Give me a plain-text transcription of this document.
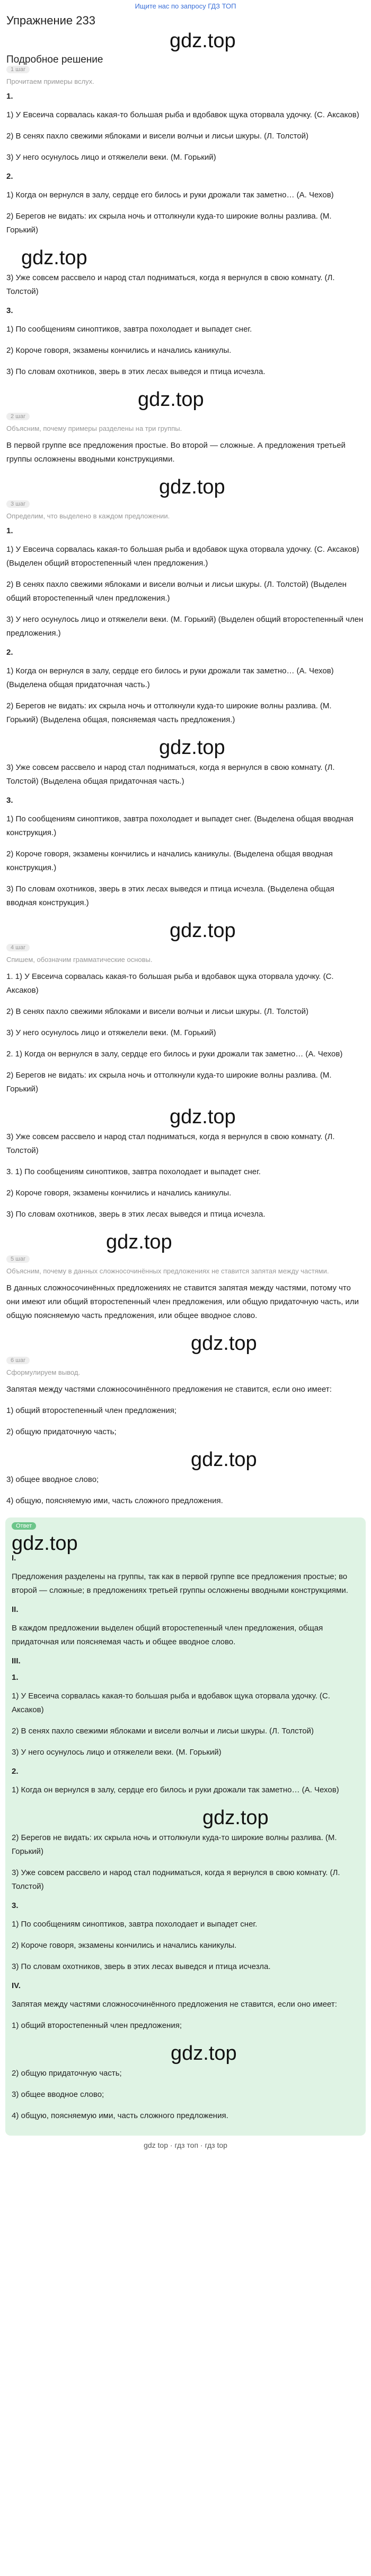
Ищите нас по запросу ГДЗ ТОП
Упражнение 233
gdz.top
Подробное решение
1 шаг
Прочитаем примеры вслух.
1.
1) У Евсеича сорвалась какая-то большая рыба и вдобавок щука оторвала удочку. (С. Аксаков)
2) В сенях пахло свежими яблоками и висели волчьи и лисьи шкуры. (Л. Толстой)
3) У него осунулось лицо и отяжелели веки. (М. Горький)
2.
1) Когда он вернулся в залу, сердце его билось и руки дрожали так заметно… (А. Чехов)
2) Берегов не видать: их скрыла ночь и оттолкнули куда-то широкие волны разлива. (М. Горький)
gdz.top
3) Уже совсем рассвело и народ стал подниматься, когда я вернулся в свою комнату. (Л. Толстой)
3.
1) По сообщениям синоптиков, завтра похолодает и выпадет снег.
2) Короче говоря, экзамены кончились и начались каникулы.
3) По словам охотников, зверь в этих лесах выведся и птица исчезла.
gdz.top
2 шаг
Объясним, почему примеры разделены на три группы.
В первой группе все предложения простые. Во второй — сложные. А предложения третьей группы осложнены вводными конструкциями.
gdz.top
3 шаг
Определим, что выделено в каждом предложении.
1.
1) У Евсеича сорвалась какая-то большая рыба и вдобавок щука оторвала удочку. (С. Аксаков) (Выделен общий второстепенный член предложения.)
2) В сенях пахло свежими яблоками и висели волчьи и лисьи шкуры. (Л. Толстой) (Выделен общий второстепенный член предложения.)
3) У него осунулось лицо и отяжелели веки. (М. Горький) (Выделен общий второстепенный член предложения.)
2.
1) Когда он вернулся в залу, сердце его билось и руки дрожали так заметно… (А. Чехов) (Выделена общая придаточная часть.)
2) Берегов не видать: их скрыла ночь и оттолкнули куда-то широкие волны разлива. (М. Горький) (Выделена общая, поясняемая часть предложения.)
gdz.top
3) Уже совсем рассвело и народ стал подниматься, когда я вернулся в свою комнату. (Л. Толстой) (Выделена общая придаточная часть.)
3.
1) По сообщениям синоптиков, завтра похолодает и выпадет снег. (Выделена общая вводная конструкция.)
2) Короче говоря, экзамены кончились и начались каникулы. (Выделена общая вводная конструкция.)
3) По словам охотников, зверь в этих лесах выведся и птица исчезла. (Выделена общая вводная конструкция.)
gdz.top
4 шаг
Спишем, обозначим грамматические основы.
1. 1) У Евсеича сорвалась какая-то большая рыба и вдобавок щука оторвала удочку. (С. Аксаков)
2) В сенях пахло свежими яблоками и висели волчьи и лисьи шкуры. (Л. Толстой)
3) У него осунулось лицо и отяжелели веки. (М. Горький)
2. 1) Когда он вернулся в залу, сердце его билось и руки дрожали так заметно… (А. Чехов)
2) Берегов не видать: их скрыла ночь и оттолкнули куда-то широкие волны разлива. (М. Горький)
gdz.top
3) Уже совсем рассвело и народ стал подниматься, когда я вернулся в свою комнату. (Л. Толстой)
3. 1) По сообщениям синоптиков, завтра похолодает и выпадет снег.
2) Короче говоря, экзамены кончились и начались каникулы.
3) По словам охотников, зверь в этих лесах выведся и птица исчезла.
gdz.top
5 шаг
Объясним, почему в данных сложносочинённых предложениях не ставится запятая между частями.
В данных сложносочинённых предложениях не ставится запятая между частями, потому что они имеют или общий второстепенный член предложения, или общую придаточную часть, или общую поясняемую часть предложения, или общее вводное слово.
gdz.top
6 шаг
Сформулируем вывод.
Запятая между частями сложносочинённого предложения не ставится, если оно имеет:
1) общий второстепенный член предложения;
2) общую придаточную часть;
gdz.top
3) общее вводное слово;
4) общую, поясняемую ими, часть сложного предложения.
Ответ
gdz.top
I.
Предложения разделены на группы, так как в первой группе все предложения простые; во второй — сложные; в предложениях третьей группы осложнены вводными конструкциями.
II.
В каждом предложении выделен общий второстепенный член предложения, общая придаточная или поясняемая часть и общее вводное слово.
III.
1.
1) У Евсеича сорвалась какая-то большая рыба и вдобавок щука оторвала удочку. (С. Аксаков)
2) В сенях пахло свежими яблоками и висели волчьи и лисьи шкуры. (Л. Толстой)
3) У него осунулось лицо и отяжелели веки. (М. Горький)
2.
1) Когда он вернулся в залу, сердце его билось и руки дрожали так заметно… (А. Чехов)
gdz.top
2) Берегов не видать: их скрыла ночь и оттолкнули куда-то широкие волны разлива. (М. Горький)
3) Уже совсем рассвело и народ стал подниматься, когда я вернулся в свою комнату. (Л. Толстой)
3.
1) По сообщениям синоптиков, завтра похолодает и выпадет снег.
2) Короче говоря, экзамены кончились и начались каникулы.
3) По словам охотников, зверь в этих лесах выведся и птица исчезла.
IV.
Запятая между частями сложносочинённого предложения не ставится, если оно имеет:
1) общий второстепенный член предложения;
gdz.top
2) общую придаточную часть;
3) общее вводное слово;
4) общую, поясняемую ими, часть сложного предложения.
gdz top · гдз топ · гдз top
